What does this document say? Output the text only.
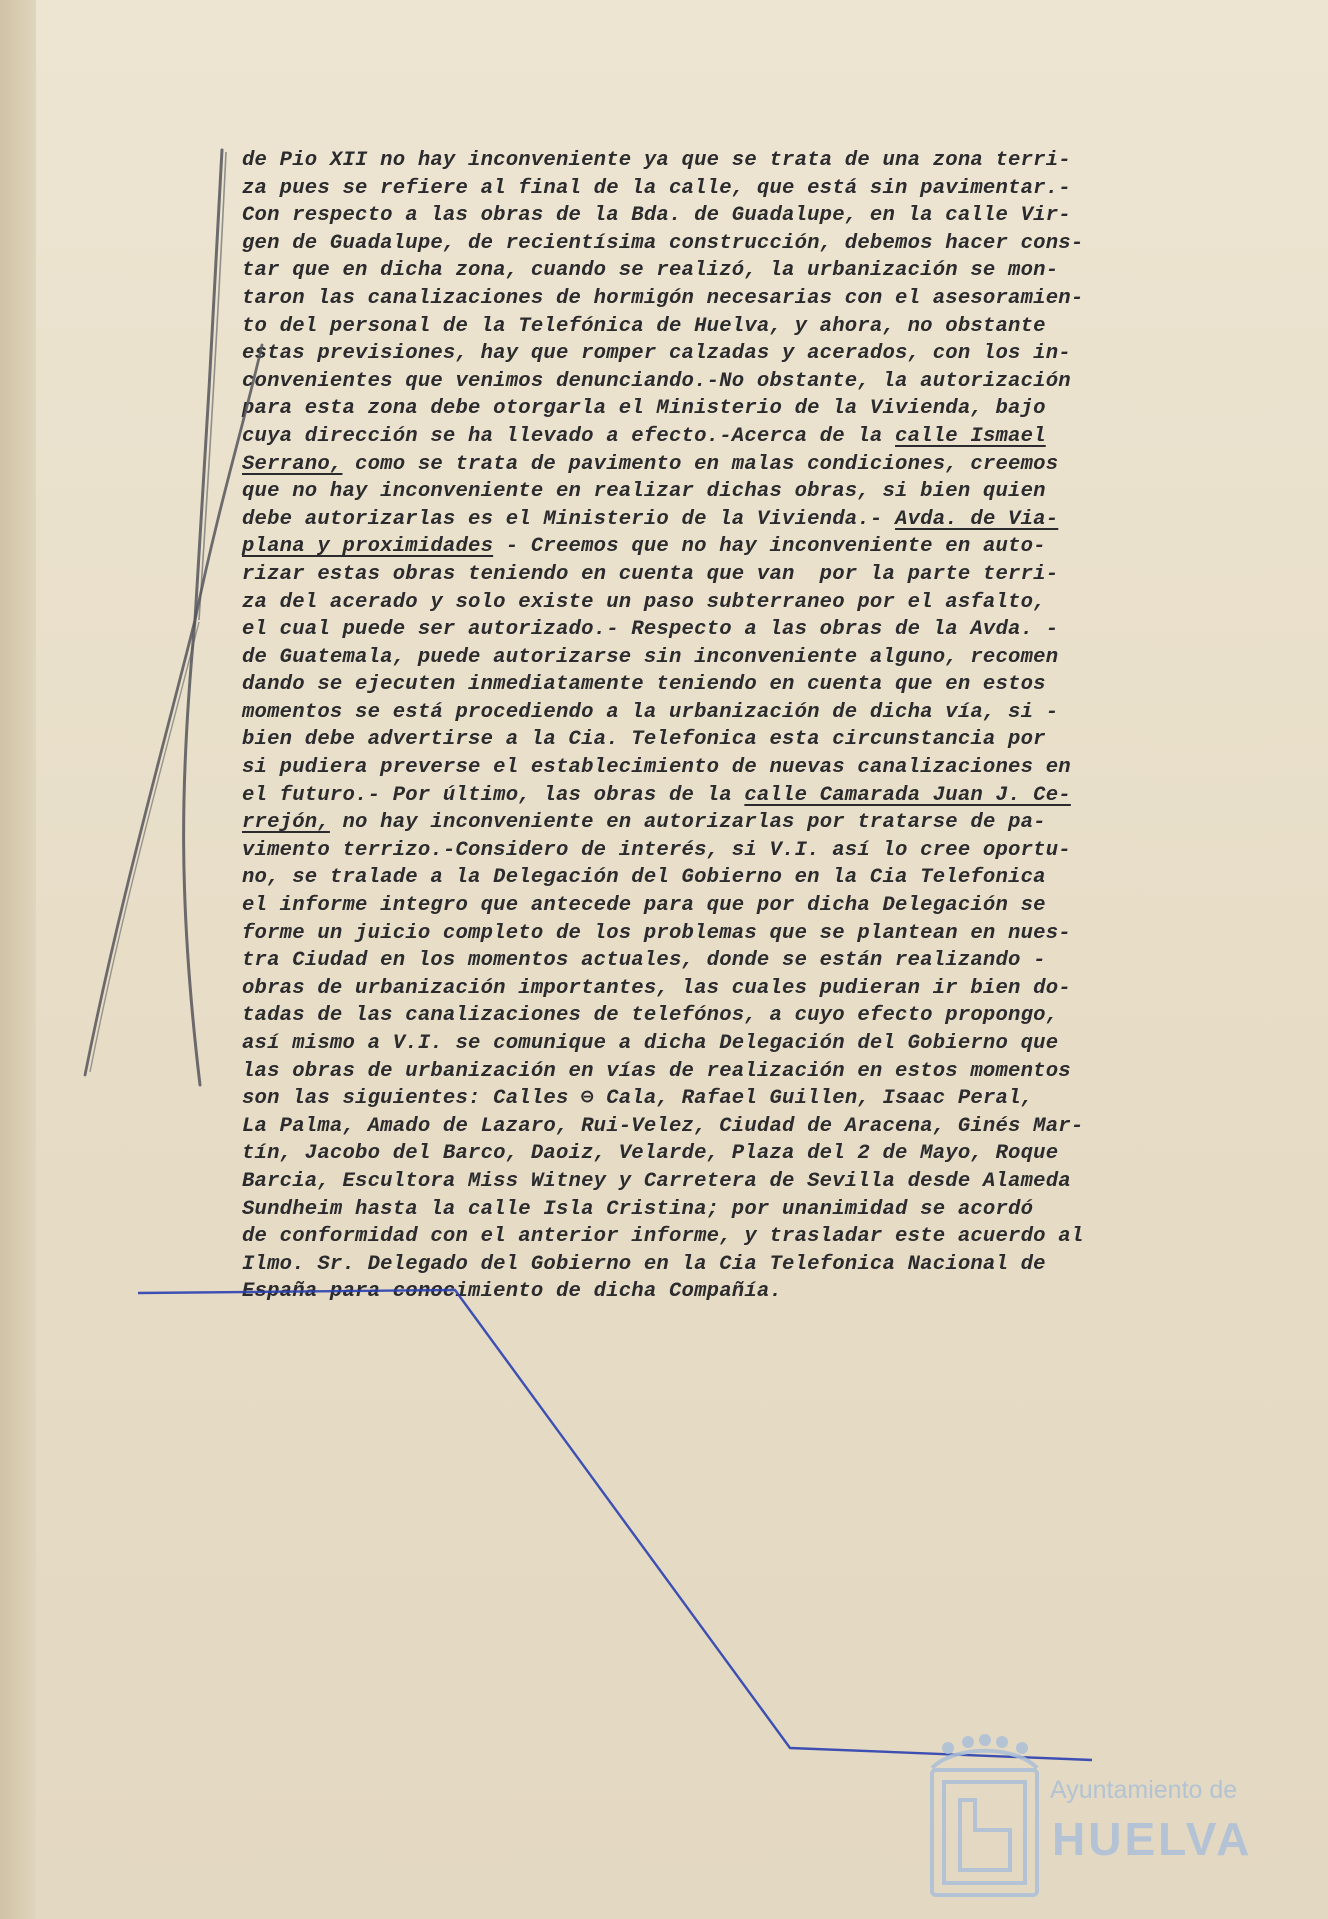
de Pio XII no hay inconveniente ya que se trata de una zona terri-
za pues se refiere al final de la calle, que está sin pavimentar.-
Con respecto a las obras de la Bda. de Guadalupe, en la calle Vir-
gen de Guadalupe, de recientísima construcción, debemos hacer cons-
tar que en dicha zona, cuando se realizó, la urbanización se mon-
taron las canalizaciones de hormigón necesarias con el asesoramien-
to del personal de la Telefónica de Huelva, y ahora, no obstante
estas previsiones, hay que romper calzadas y acerados, con los in-
convenientes que venimos denunciando.-No obstante, la autorización
para esta zona debe otorgarla el Ministerio de la Vivienda, bajo
cuya dirección se ha llevado a efecto.-Acerca de la calle Ismael
Serrano, como se trata de pavimento en malas condiciones, creemos
que no hay inconveniente en realizar dichas obras, si bien quien
debe autorizarlas es el Ministerio de la Vivienda.- Avda. de Via-
plana y proximidades - Creemos que no hay inconveniente en auto-
rizar estas obras teniendo en cuenta que van  por la parte terri-
za del acerado y solo existe un paso subterraneo por el asfalto,
el cual puede ser autorizado.- Respecto a las obras de la Avda. -
de Guatemala, puede autorizarse sin inconveniente alguno, recomen
dando se ejecuten inmediatamente teniendo en cuenta que en estos
momentos se está procediendo a la urbanización de dicha vía, si -
bien debe advertirse a la Cia. Telefonica esta circunstancia por
si pudiera preverse el establecimiento de nuevas canalizaciones en
el futuro.- Por último, las obras de la calle Camarada Juan J. Ce-
rrejón, no hay inconveniente en autorizarlas por tratarse de pa-
vimento terrizo.-Considero de interés, si V.I. así lo cree oportu-
no, se tralade a la Delegación del Gobierno en la Cia Telefonica
el informe integro que antecede para que por dicha Delegación se
forme un juicio completo de los problemas que se plantean en nues-
tra Ciudad en los momentos actuales, donde se están realizando -
obras de urbanización importantes, las cuales pudieran ir bien do-
tadas de las canalizaciones de telefónos, a cuyo efecto propongo,
así mismo a V.I. se comunique a dicha Delegación del Gobierno que
las obras de urbanización en vías de realización en estos momentos
son las siguientes: Calles ⊖ Cala, Rafael Guillen, Isaac Peral,
La Palma, Amado de Lazaro, Rui-Velez, Ciudad de Aracena, Ginés Mar-
tín, Jacobo del Barco, Daoiz, Velarde, Plaza del 2 de Mayo, Roque
Barcia, Escultora Miss Witney y Carretera de Sevilla desde Alameda
Sundheim hasta la calle Isla Cristina; por unanimidad se acordó
de conformidad con el anterior informe, y trasladar este acuerdo al
Ilmo. Sr. Delegado del Gobierno en la Cia Telefonica Nacional de
España para conocimiento de dicha Compañía.
Ayuntamiento de
HUELVA
